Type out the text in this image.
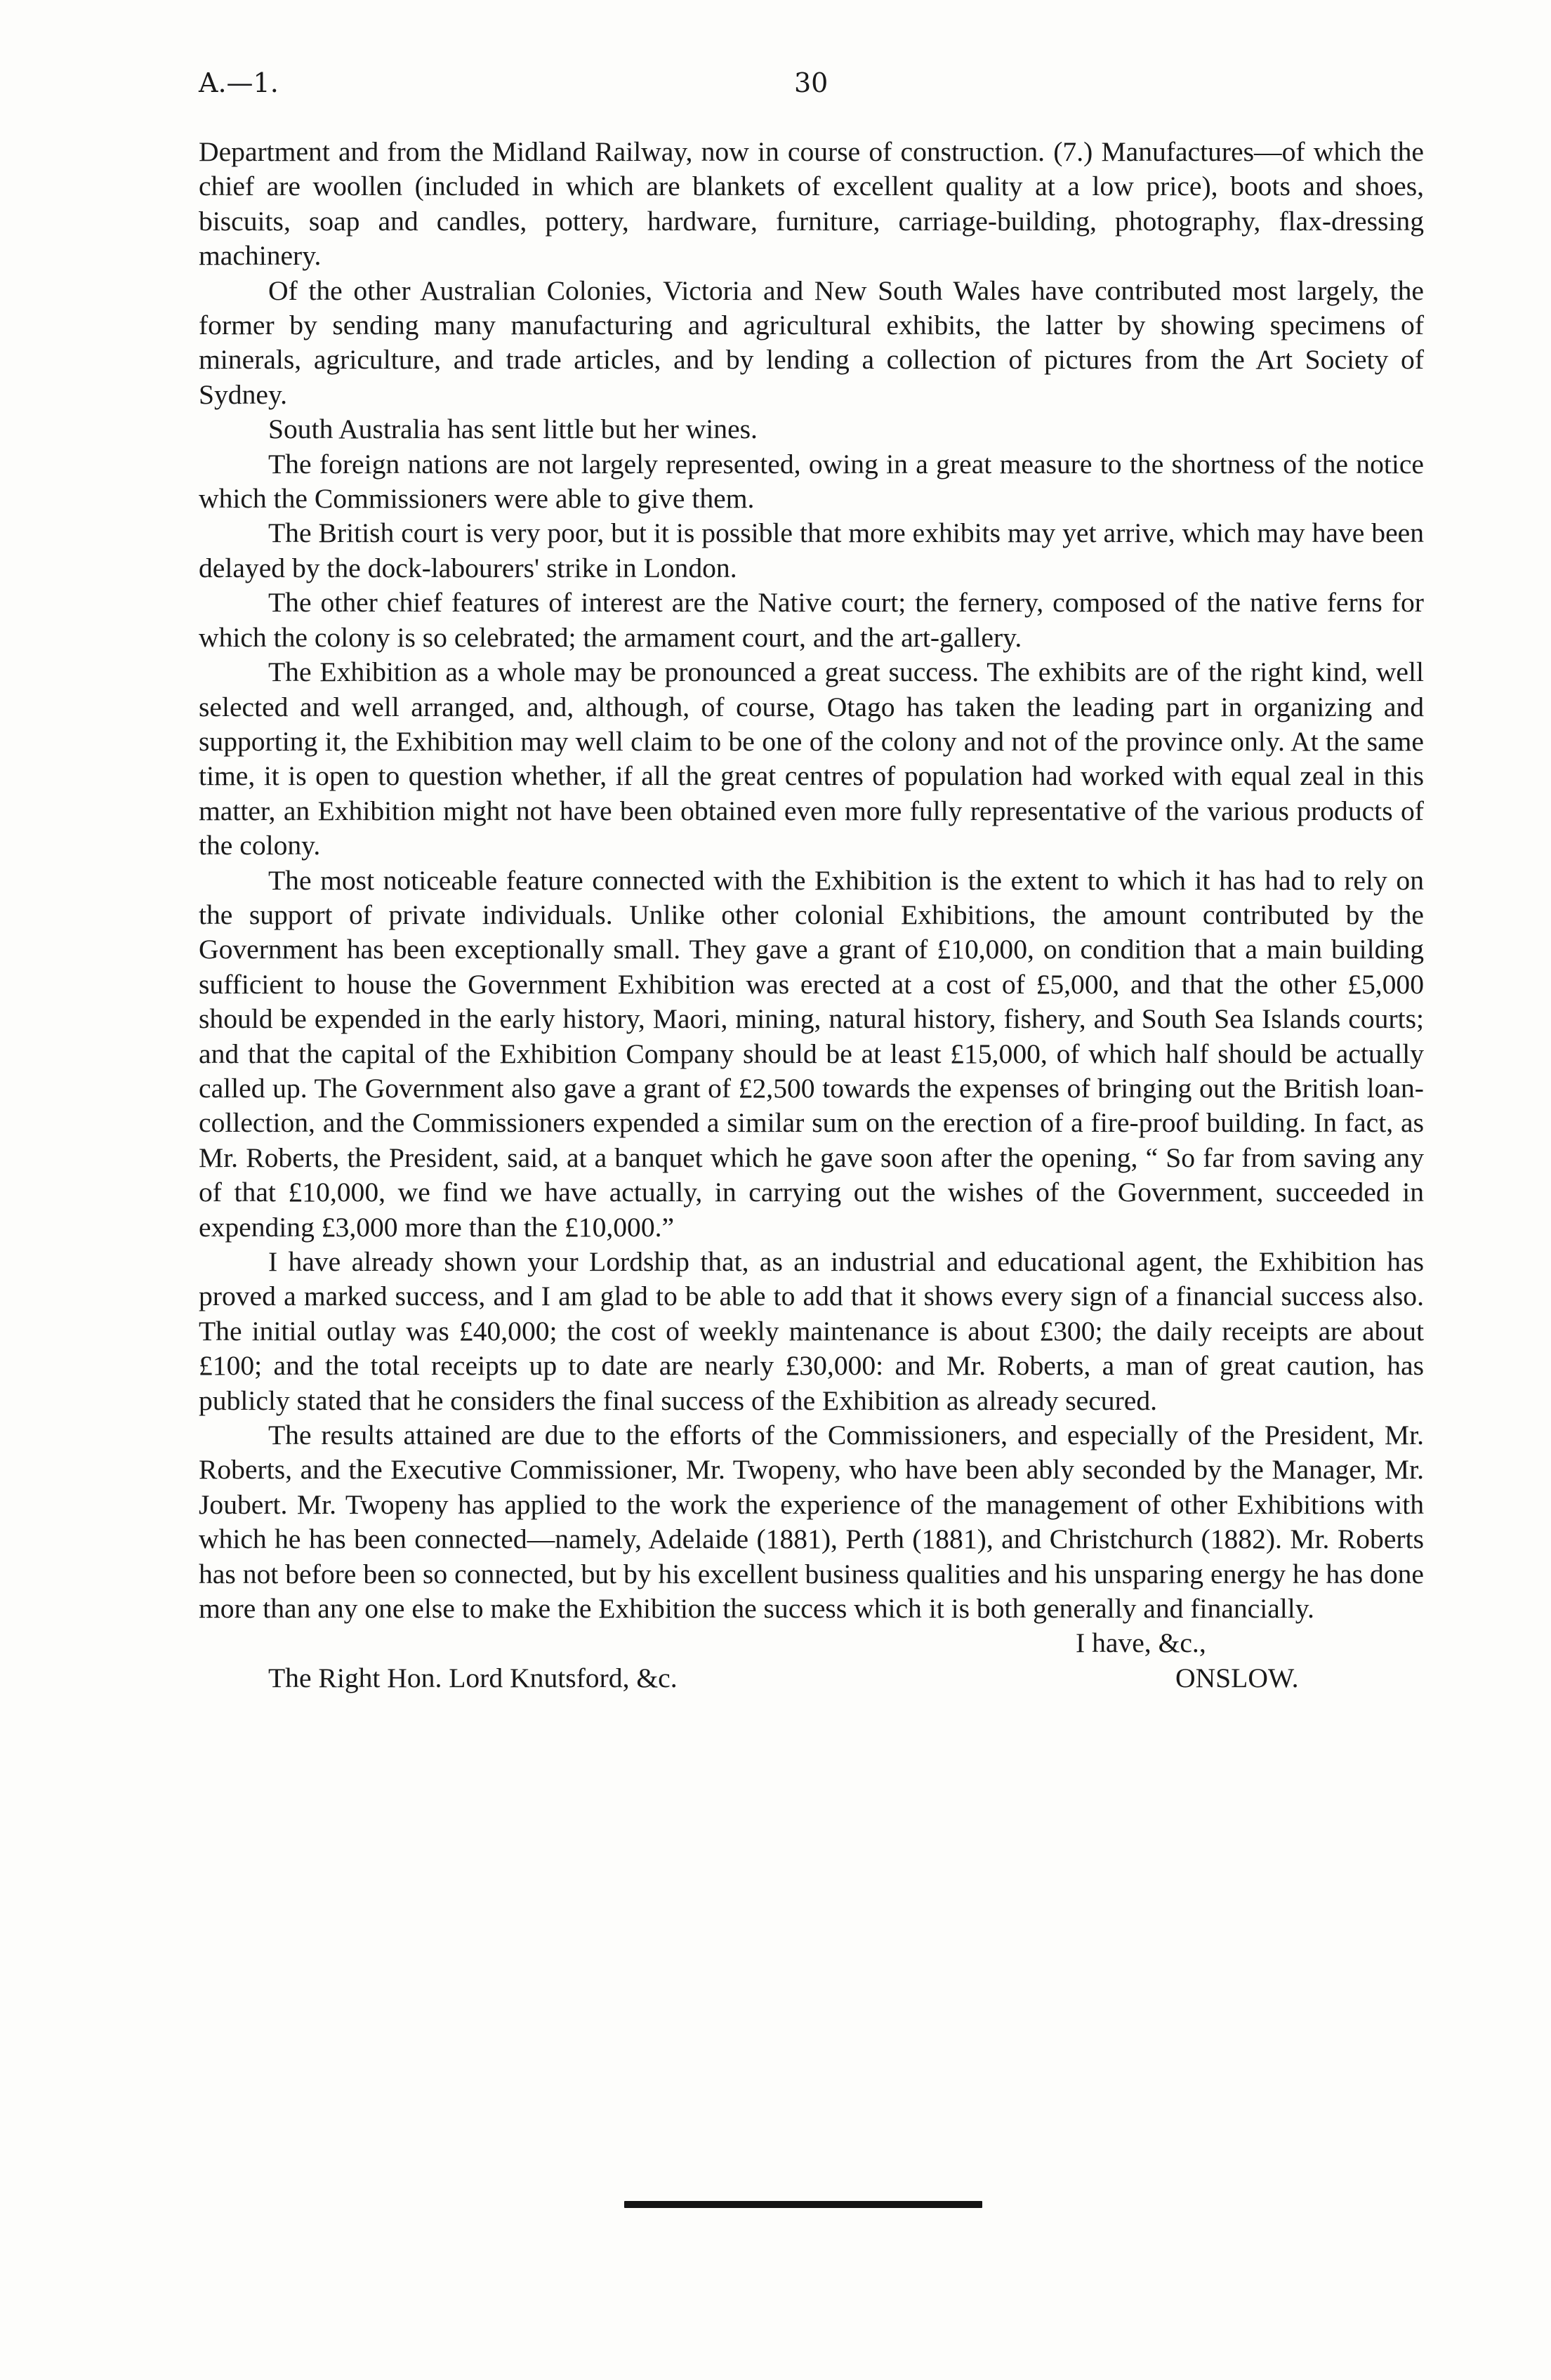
A.—1.	30

Department and from the Midland Railway, now in course of construction. (7.) Manufactures—of which the chief are woollen (included in which are blankets of excellent quality at a low price), boots and shoes, biscuits, soap and candles, pottery, hardware, furniture, carriage-building, photography, flax-dressing machinery.

Of the other Australian Colonies, Victoria and New South Wales have contributed most largely, the former by sending many manufacturing and agricultural exhibits, the latter by showing specimens of minerals, agriculture, and trade articles, and by lending a collection of pictures from the Art Society of Sydney.

South Australia has sent little but her wines.

The foreign nations are not largely represented, owing in a great measure to the shortness of the notice which the Commissioners were able to give them.

The British court is very poor, but it is possible that more exhibits may yet arrive, which may have been delayed by the dock-labourers' strike in London.

The other chief features of interest are the Native court; the fernery, composed of the native ferns for which the colony is so celebrated; the armament court, and the art-gallery.

The Exhibition as a whole may be pronounced a great success. The exhibits are of the right kind, well selected and well arranged, and, although, of course, Otago has taken the leading part in organizing and supporting it, the Exhibition may well claim to be one of the colony and not of the province only. At the same time, it is open to question whether, if all the great centres of population had worked with equal zeal in this matter, an Exhibition might not have been obtained even more fully representative of the various products of the colony.

The most noticeable feature connected with the Exhibition is the extent to which it has had to rely on the support of private individuals. Unlike other colonial Exhibitions, the amount contributed by the Government has been exceptionally small. They gave a grant of £10,000, on condition that a main building sufficient to house the Government Exhibition was erected at a cost of £5,000, and that the other £5,000 should be expended in the early history, Maori, mining, natural history, fishery, and South Sea Islands courts; and that the capital of the Exhibition Company should be at least £15,000, of which half should be actually called up. The Government also gave a grant of £2,500 towards the expenses of bringing out the British loan-collection, and the Commissioners expended a similar sum on the erection of a fire-proof building. In fact, as Mr. Roberts, the President, said, at a banquet which he gave soon after the opening, “ So far from saving any of that £10,000, we find we have actually, in carrying out the wishes of the Government, succeeded in expending £3,000 more than the £10,000.”

I have already shown your Lordship that, as an industrial and educational agent, the Exhibition has proved a marked success, and I am glad to be able to add that it shows every sign of a financial success also. The initial outlay was £40,000; the cost of weekly maintenance is about £300; the daily receipts are about £100; and the total receipts up to date are nearly £30,000: and Mr. Roberts, a man of great caution, has publicly stated that he considers the final success of the Exhibition as already secured.

The results attained are due to the efforts of the Commissioners, and especially of the President, Mr. Roberts, and the Executive Commissioner, Mr. Twopeny, who have been ably seconded by the Manager, Mr. Joubert. Mr. Twopeny has applied to the work the experience of the management of other Exhibitions with which he has been connected—namely, Adelaide (1881), Perth (1881), and Christchurch (1882). Mr. Roberts has not before been so connected, but by his excellent business qualities and his unsparing energy he has done more than any one else to make the Exhibition the success which it is both generally and financially.

I have, &c.,
The Right Hon. Lord Knutsford, &c.	ONSLOW.
